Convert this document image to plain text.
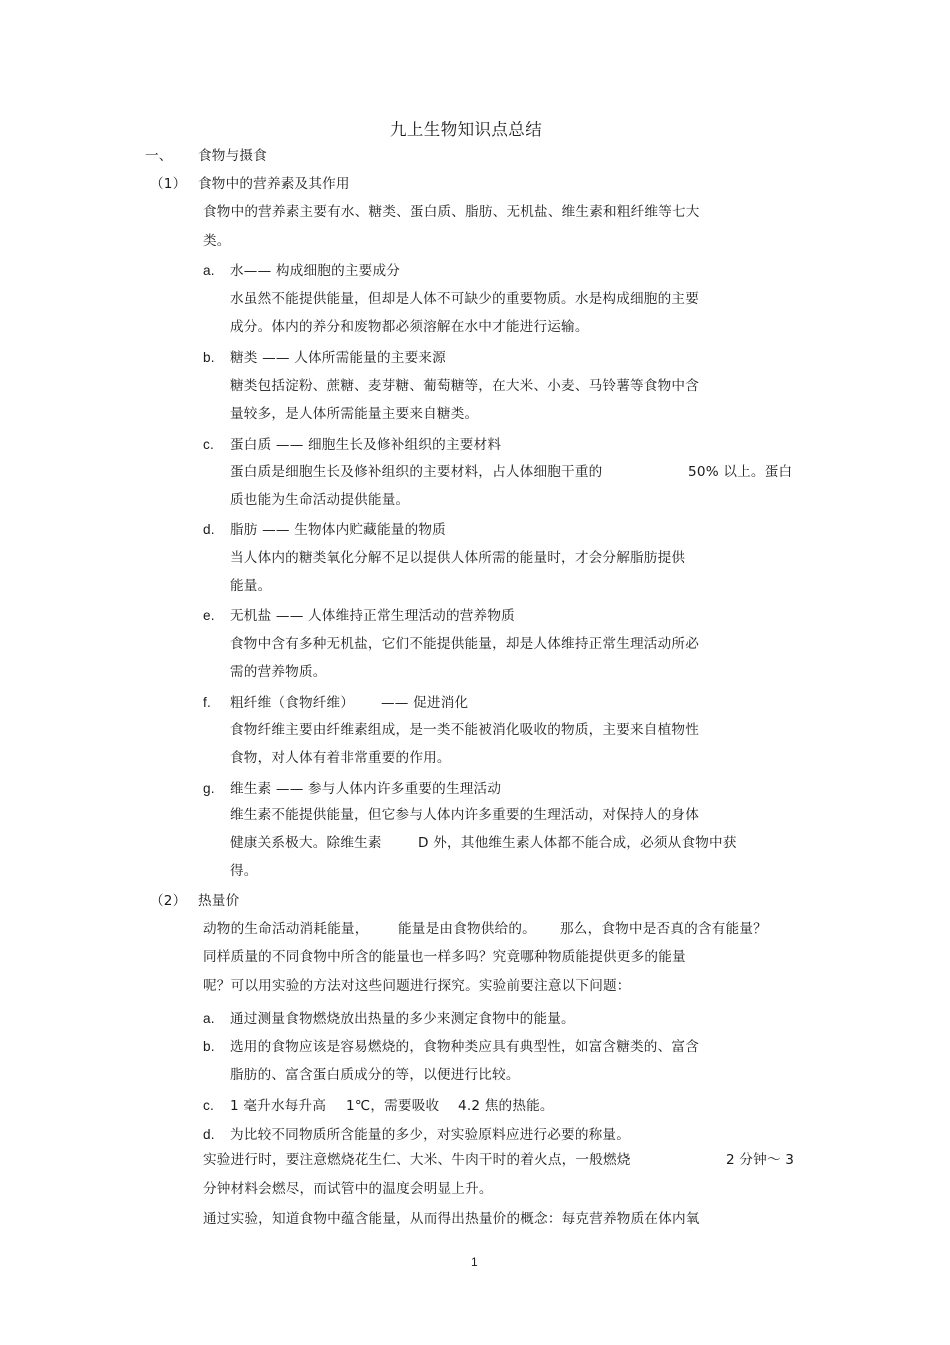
九上生物知识点总结
一、 食物与摄食
（1） 食物中的营养素及其作用
食物中的营养素主要有水、糖类、蛋白质、脂肪、无机盐、维生素和粗纤维等七大
类。
a. 水—— 构成细胞的主要成分
水虽然不能提供能量，但却是人体不可缺少的重要物质。水是构成细胞的主要
成分。体内的养分和废物都必须溶解在水中才能进行运输。
b. 糖类 —— 人体所需能量的主要来源
糖类包括淀粉、蔗糖、麦芽糖、葡萄糖等，在大米、小麦、马铃薯等食物中含
量较多，是人体所需能量主要来自糖类。
c. 蛋白质 —— 细胞生长及修补组织的主要材料
蛋白质是细胞生长及修补组织的主要材料，占人体细胞干重的	50% 以上。蛋白
质也能为生命活动提供能量。
d. 脂肪 —— 生物体内贮藏能量的物质
当人体内的糖类氧化分解不足以提供人体所需的能量时，才会分解脂肪提供
能量。
e. 无机盐 —— 人体维持正常生理活动的营养物质
食物中含有多种无机盐，它们不能提供能量，却是人体维持正常生理活动所必
需的营养物质。
f. 粗纤维（食物纤维） —— 促进消化
食物纤维主要由纤维素组成，是一类不能被消化吸收的物质，主要来自植物性
食物，对人体有着非常重要的作用。
g. 维生素 —— 参与人体内许多重要的生理活动
维生素不能提供能量，但它参与人体内许多重要的生理活动，对保持人的身体
健康关系极大。除维生素	D 外，其他维生素人体都不能合成，必须从食物中获
得。
（2） 热量价
动物的生命活动消耗能量， 能量是由食物供给的。 那么，食物中是否真的含有能量？
同样质量的不同食物中所含的能量也一样多吗？究竟哪种物质能提供更多的能量
呢？可以用实验的方法对这些问题进行探究。实验前要注意以下问题：
a. 通过测量食物燃烧放出热量的多少来测定食物中的能量。
b. 选用的食物应该是容易燃烧的，食物种类应具有典型性，如富含糖类的、富含
脂肪的、富含蛋白质成分的等，以便进行比较。
c. 1 毫升水每升高 1℃，需要吸收 4.2 焦的热能。
d. 为比较不同物质所含能量的多少，对实验原料应进行必要的称量。
实验进行时，要注意燃烧花生仁、大米、牛肉干时的着火点，一般燃烧	2 分钟～ 3
分钟材料会燃尽，而试管中的温度会明显上升。
通过实验，知道食物中蕴含能量，从而得出热量价的概念：每克营养物质在体内氧
1
